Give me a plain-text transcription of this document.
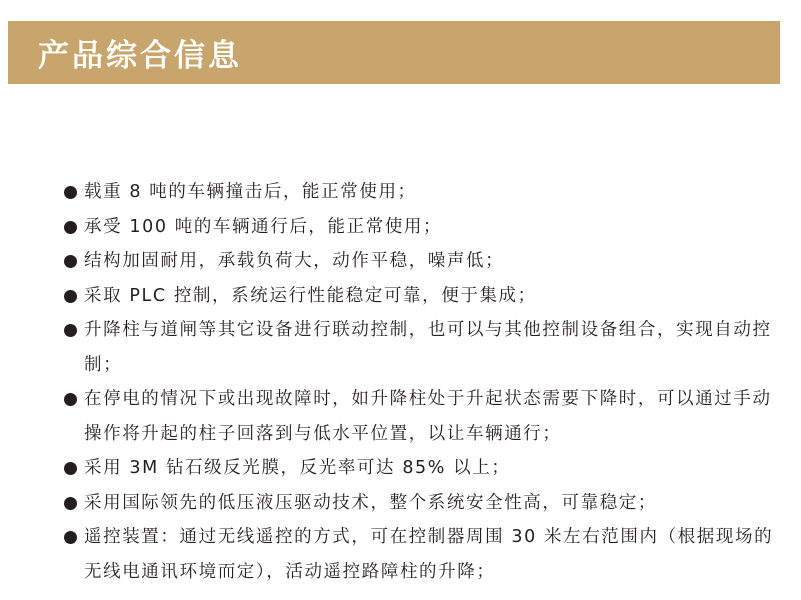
产品综合信息
载重 8 吨的车辆撞击后，能正常使用；
承受 100 吨的车辆通行后，能正常使用；
结构加固耐用，承载负荷大，动作平稳，噪声低；
采取 PLC 控制，系统运行性能稳定可靠，便于集成；
升降柱与道闸等其它设备进行联动控制，也可以与其他控制设备组合，实现自动控制；
在停电的情况下或出现故障时，如升降柱处于升起状态需要下降时，可以通过手动操作将升起的柱子回落到与低水平位置，以让车辆通行；
采用 3M 钻石级反光膜，反光率可达 85% 以上；
采用国际领先的低压液压驱动技术，整个系统安全性高，可靠稳定；
遥控装置：通过无线遥控的方式，可在控制器周围 30 米左右范围内（根据现场的无线电通讯环境而定），活动遥控路障柱的升降；
